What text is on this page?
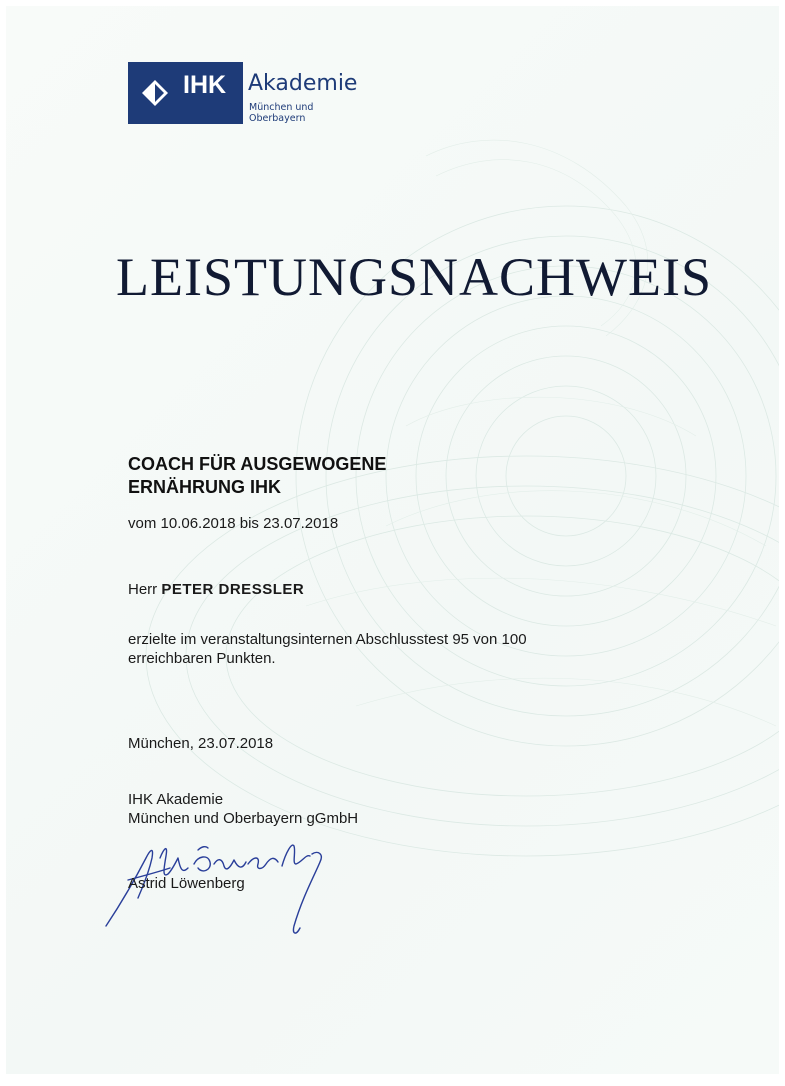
IHK Akademie
München und Oberbayern
LEISTUNGSNACHWEIS
COACH FÜR AUSGEWOGENE
ERNÄHRUNG IHK
vom 10.06.2018 bis 23.07.2018
Herr PETER DRESSLER
erzielte im veranstaltungsinternen Abschlusstest 95 von 100
erreichbaren Punkten.
München, 23.07.2018
IHK Akademie
München und Oberbayern gGmbH
Astrid Löwenberg
